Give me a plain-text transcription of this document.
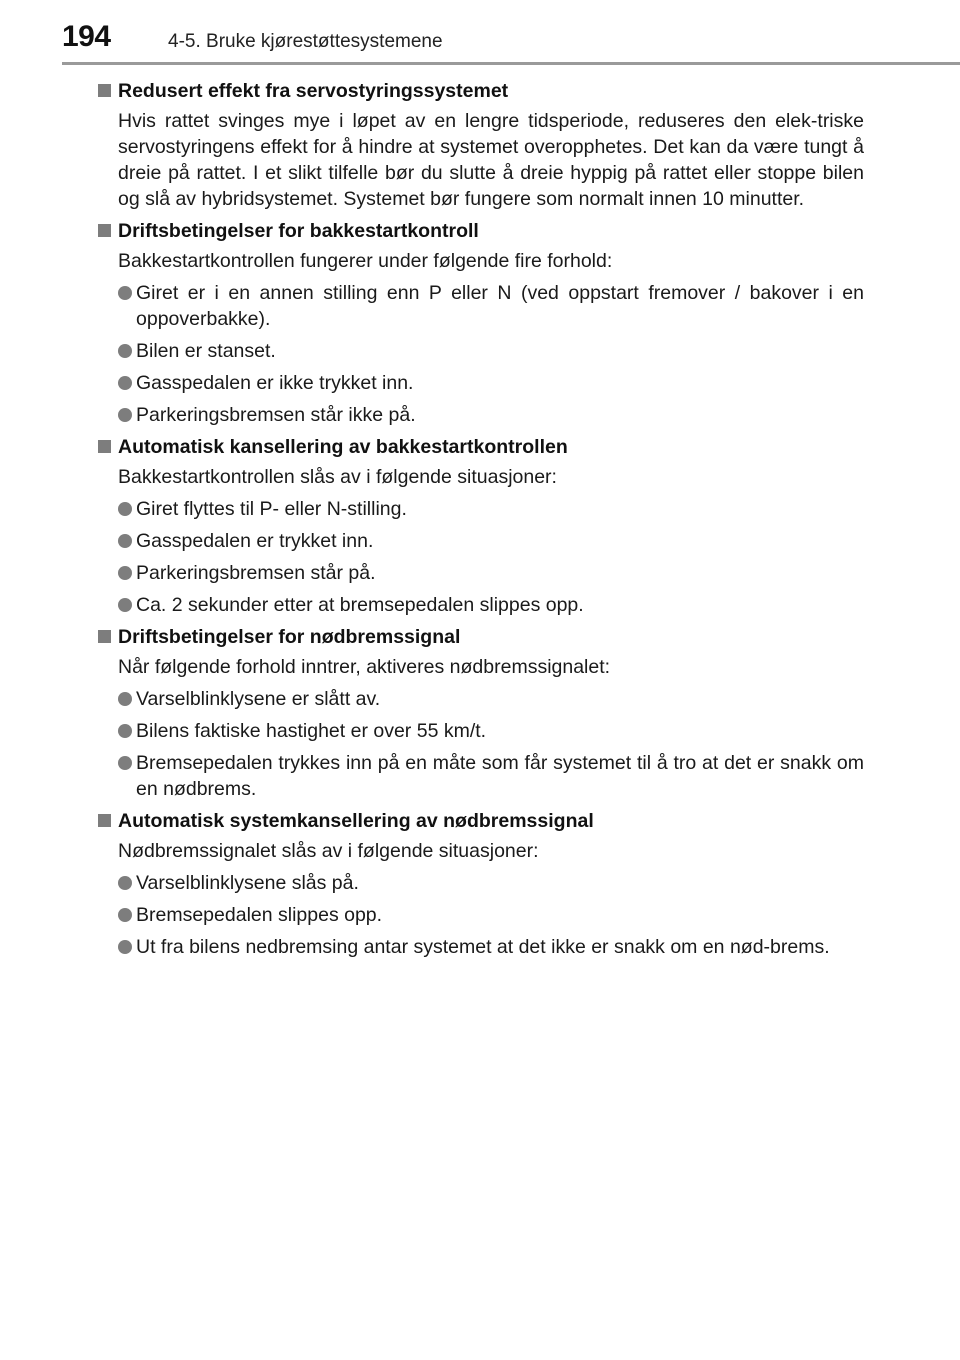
194	4-5. Bruke kjørestøttesystemene
Redusert effekt fra servostyringssystemet

Hvis rattet svinges mye i løpet av en lengre tidsperiode, reduseres den elek-triske servostyringens effekt for å hindre at systemet overopphetes. Det kan da være tungt å dreie på rattet. I et slikt tilfelle bør du slutte å dreie hyppig på rattet eller stoppe bilen og slå av hybridsystemet. Systemet bør fungere som normalt innen 10 minutter.

Driftsbetingelser for bakkestartkontroll

Bakkestartkontrollen fungerer under følgende fire forhold:

Giret er i en annen stilling enn P eller N (ved oppstart fremover / bakover i en oppoverbakke).
Bilen er stanset.
Gasspedalen er ikke trykket inn.
Parkeringsbremsen står ikke på.
Automatisk kansellering av bakkestartkontrollen

Bakkestartkontrollen slås av i følgende situasjoner:

Giret flyttes til P- eller N-stilling.
Gasspedalen er trykket inn.
Parkeringsbremsen står på.
Ca. 2 sekunder etter at bremsepedalen slippes opp.
Driftsbetingelser for nødbremssignal

Når følgende forhold inntrer, aktiveres nødbremssignalet:

Varselblinklysene er slått av.
Bilens faktiske hastighet er over 55 km/t.
Bremsepedalen trykkes inn på en måte som får systemet til å tro at det er snakk om en nødbrems.
Automatisk systemkansellering av nødbremssignal

Nødbremssignalet slås av i følgende situasjoner:

Varselblinklysene slås på.
Bremsepedalen slippes opp.
Ut fra bilens nedbremsing antar systemet at det ikke er snakk om en nød-brems.
